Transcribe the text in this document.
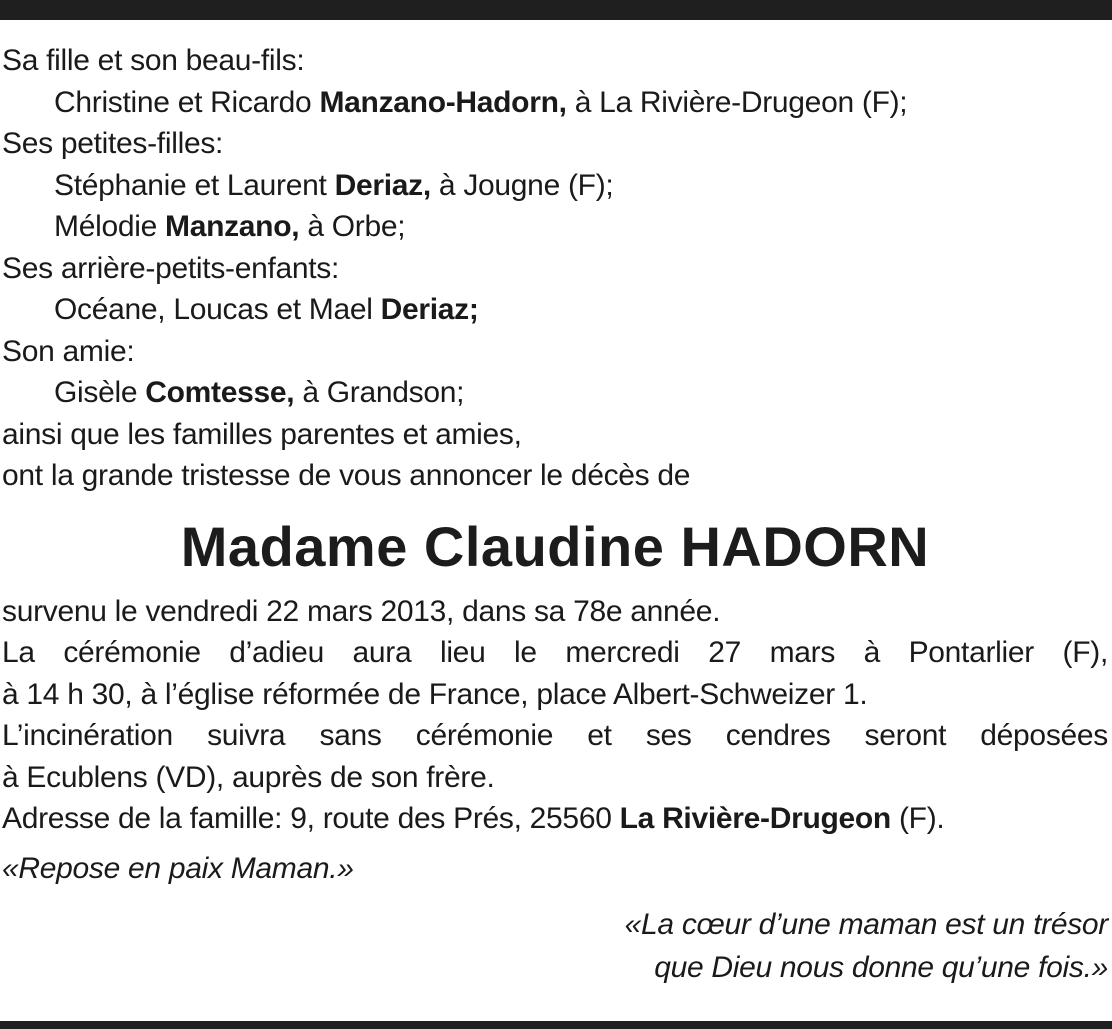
Sa fille et son beau-fils:
Christine et Ricardo Manzano-Hadorn, à La Rivière-Drugeon (F);
Ses petites-filles:
Stéphanie et Laurent Deriaz, à Jougne (F);
Mélodie Manzano, à Orbe;
Ses arrière-petits-enfants:
Océane, Loucas et Mael Deriaz;
Son amie:
Gisèle Comtesse, à Grandson;
ainsi que les familles parentes et amies,
ont la grande tristesse de vous annoncer le décès de
Madame Claudine HADORN
survenu le vendredi 22 mars 2013, dans sa 78e année.
La cérémonie d’adieu aura lieu le mercredi 27 mars à Pontarlier (F),
à 14 h 30, à l’église réformée de France, place Albert-Schweizer 1.
L’incinération suivra sans cérémonie et ses cendres seront déposées
à Ecublens (VD), auprès de son frère.
Adresse de la famille: 9, route des Prés, 25560 La Rivière-Drugeon (F).
«Repose en paix Maman.»
«La cœur d’une maman est un trésor
que Dieu nous donne qu’une fois.»
